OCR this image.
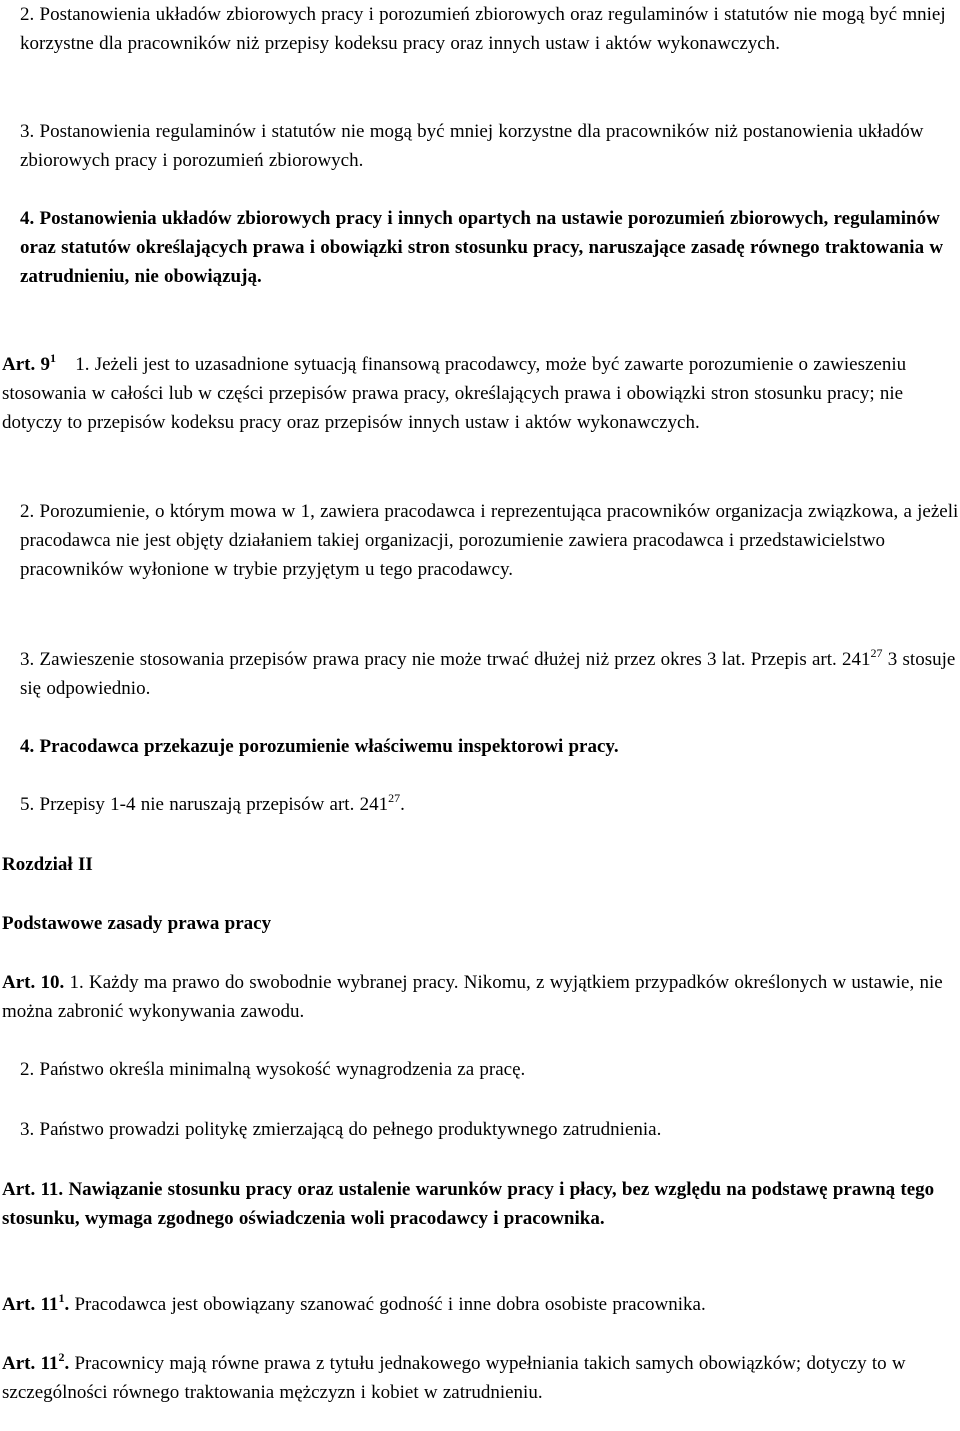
2. Postanowienia układów zbiorowych pracy i porozumień zbiorowych oraz regulaminów i statutów nie mogą być mniej korzystne dla pracowników niż przepisy kodeksu pracy oraz innych ustaw i aktów wykonawczych.

3. Postanowienia regulaminów i statutów nie mogą być mniej korzystne dla pracowników niż postanowienia układów zbiorowych pracy i porozumień zbiorowych.

4. Postanowienia układów zbiorowych pracy i innych opartych na ustawie porozumień zbiorowych, regulaminów oraz statutów określających prawa i obowiązki stron stosunku pracy, naruszające zasadę równego traktowania w zatrudnieniu, nie obowiązują.

Art. $9^1$ 1. Jeżeli jest to uzasadnione sytuacją finansową pracodawcy, może być zawarte porozumienie o zawieszeniu stosowania w całości lub w części przepisów prawa pracy, określających prawa i obowiązki stron stosunku pracy; nie dotyczy to przepisów kodeksu pracy oraz przepisów innych ustaw i aktów wykonawczych.

2. Porozumienie, o którym mowa w 1, zawiera pracodawca i reprezentująca pracowników organizacja związkowa, a jeżeli pracodawca nie jest objęty działaniem takiej organizacji, porozumienie zawiera pracodawca i przedstawicielstwo pracowników wyłonione w trybie przyjętym u tego pracodawcy.

3. Zawieszenie stosowania przepisów prawa pracy nie może trwać dłużej niż przez okres 3 lat. Przepis art. $241^{27}$ 3 stosuje się odpowiednio.

4. Pracodawca przekazuje porozumienie właściwemu inspektorowi pracy.

5. Przepisy 1-4 nie naruszają przepisów art. $241^{27}$.

Rozdział II

Podstawowe zasady prawa pracy

Art. 10. 1. Każdy ma prawo do swobodnie wybranej pracy. Nikomu, z wyjątkiem przypadków określonych w ustawie, nie można zabronić wykonywania zawodu.

2. Państwo określa minimalną wysokość wynagrodzenia za pracę.

3. Państwo prowadzi politykę zmierzającą do pełnego produktywnego zatrudnienia.

Art. 11. Nawiązanie stosunku pracy oraz ustalenie warunków pracy i płacy, bez względu na podstawę prawną tego stosunku, wymaga zgodnego oświadczenia woli pracodawcy i pracownika.

Art. $11^1$. Pracodawca jest obowiązany szanować godność i inne dobra osobiste pracownika.

Art. $11^2$. Pracownicy mają równe prawa z tytułu jednakowego wypełniania takich samych obowiązków; dotyczy to w szczególności równego traktowania mężczyzn i kobiet w zatrudnieniu.
